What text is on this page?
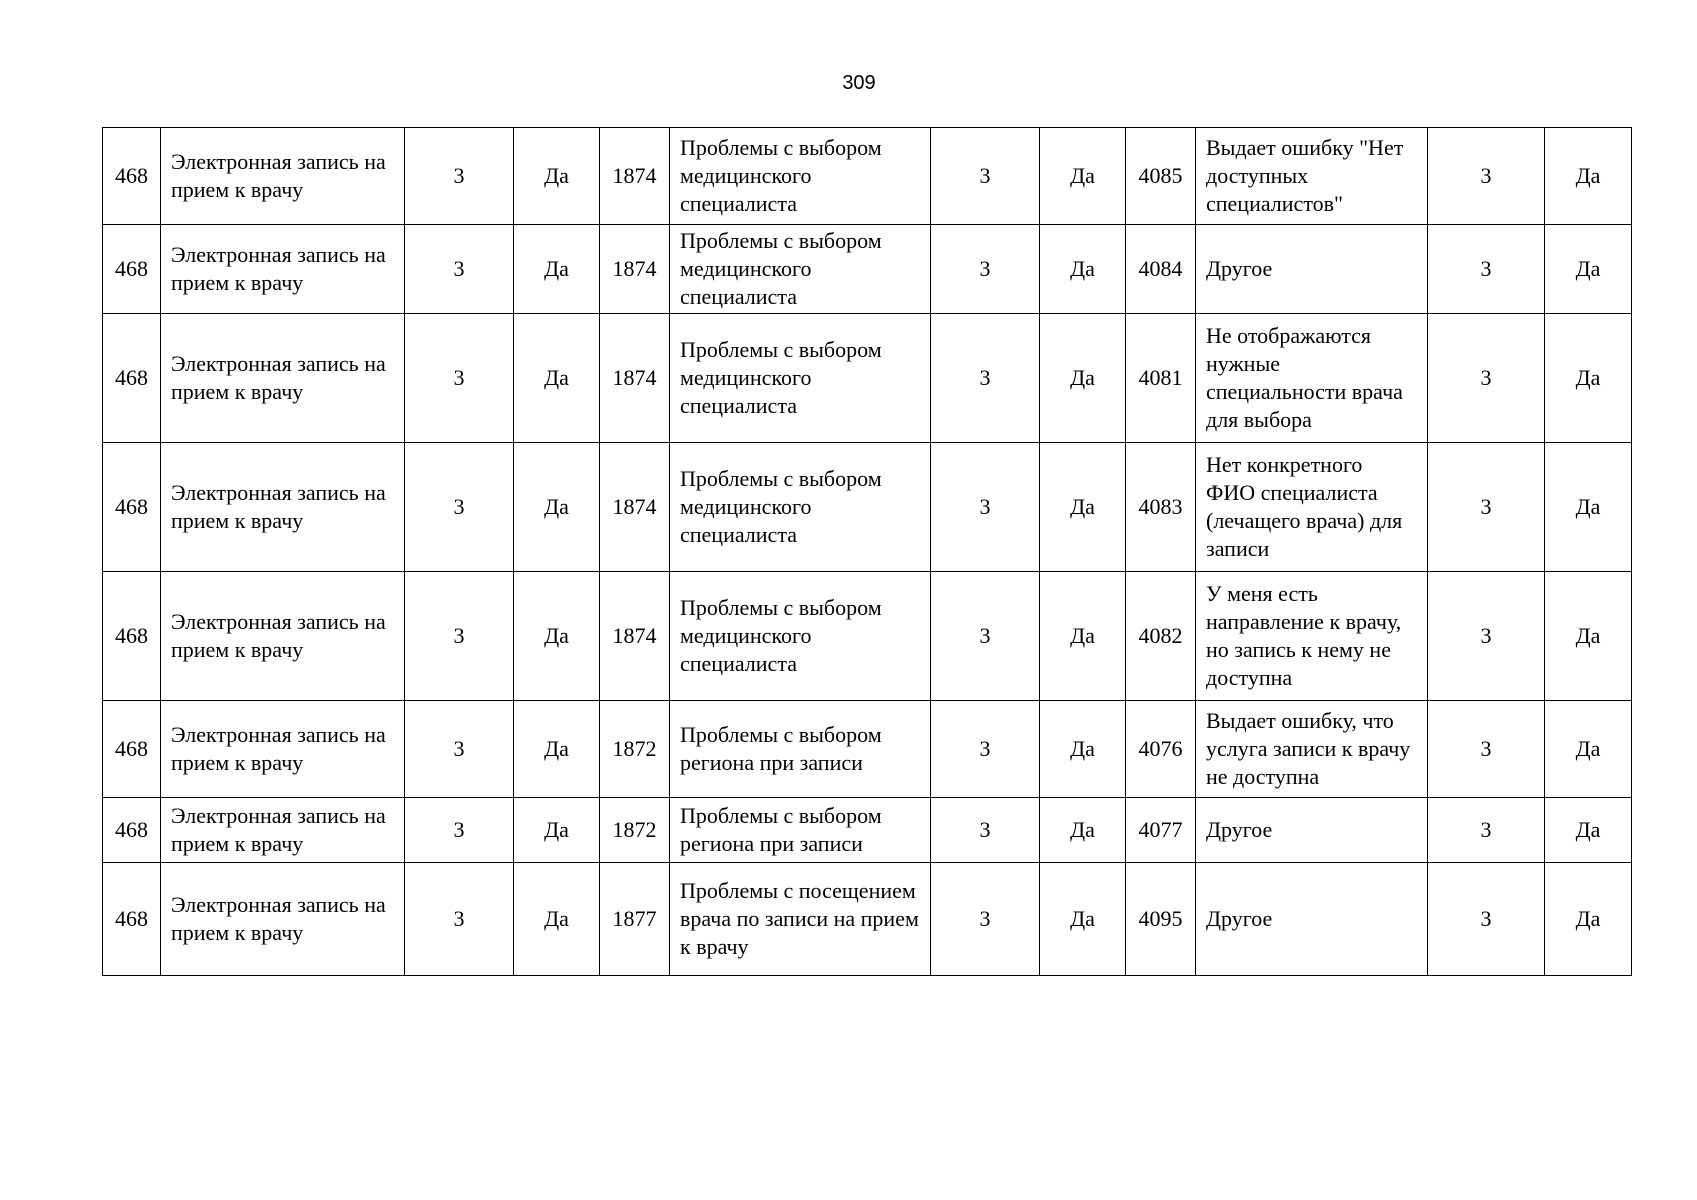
309
468	Электронная запись на прием к врачу	3	Да	1874	Проблемы с выбором медицинского специалиста	3	Да	4085	Выдает ошибку "Нет доступных специалистов"	3	Да
468	Электронная запись на прием к врачу	3	Да	1874	Проблемы с выбором медицинского специалиста	3	Да	4084	Другое	3	Да
468	Электронная запись на прием к врачу	3	Да	1874	Проблемы с выбором медицинского специалиста	3	Да	4081	Не отображаются нужные специальности врача для выбора	3	Да
468	Электронная запись на прием к врачу	3	Да	1874	Проблемы с выбором медицинского специалиста	3	Да	4083	Нет конкретного ФИО специалиста (лечащего врача) для записи	3	Да
468	Электронная запись на прием к врачу	3	Да	1874	Проблемы с выбором медицинского специалиста	3	Да	4082	У меня есть направление к врачу, но запись к нему не доступна	3	Да
468	Электронная запись на прием к врачу	3	Да	1872	Проблемы с выбором региона при записи	3	Да	4076	Выдает ошибку, что услуга записи к врачу не доступна	3	Да
468	Электронная запись на прием к врачу	3	Да	1872	Проблемы с выбором региона при записи	3	Да	4077	Другое	3	Да
468	Электронная запись на прием к врачу	3	Да	1877	Проблемы с посещением врача по записи на прием к врачу	3	Да	4095	Другое	3	Да
